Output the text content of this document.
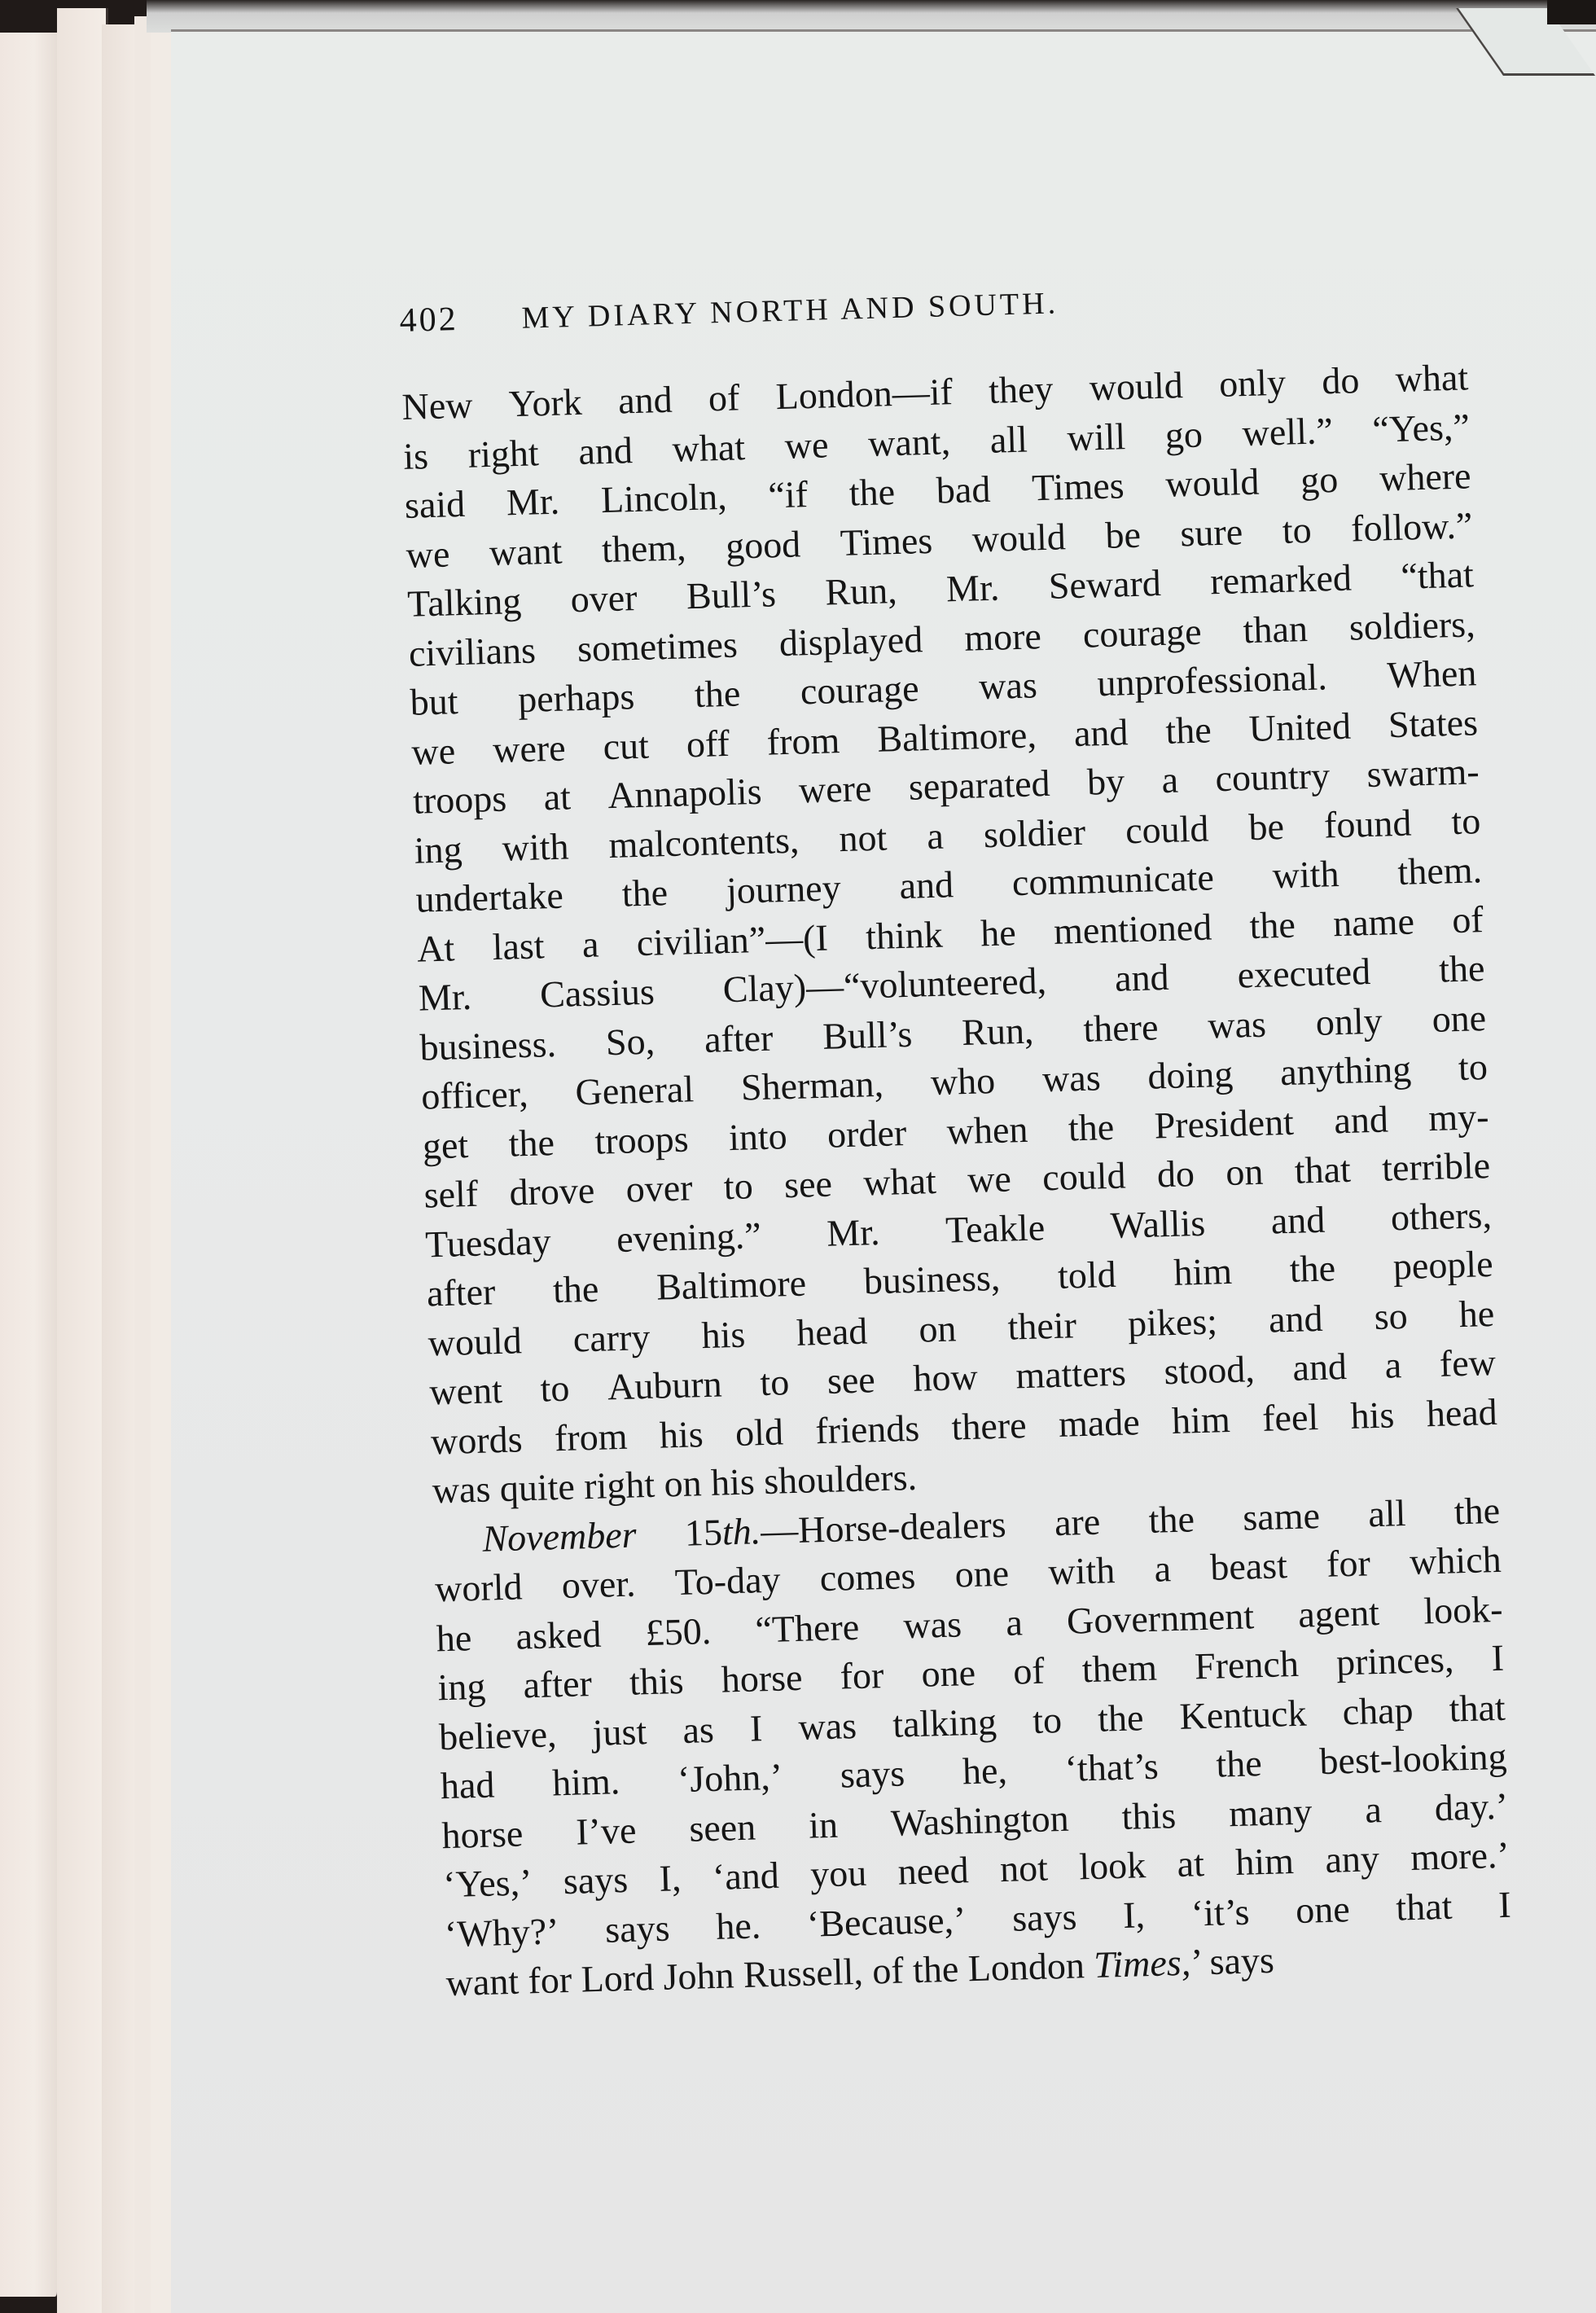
402	MY DIARY NORTH AND SOUTH.
New York and of London—if they would only do what
is right and what we want, all will go well.” “Yes,”
said Mr. Lincoln, “if the bad Times would go where
we want them, good Times would be sure to follow.”
Talking over Bull’s Run, Mr. Seward remarked “that
civilians sometimes displayed more courage than soldiers,
but perhaps the courage was unprofessional. When
we were cut off from Baltimore, and the United States
troops at Annapolis were separated by a country swarm-
ing with malcontents, not a soldier could be found to
undertake the journey and communicate with them.
At last a civilian”—(I think he mentioned the name of
Mr. Cassius Clay)—“volunteered, and executed the
business. So, after Bull’s Run, there was only one
officer, General Sherman, who was doing anything to
get the troops into order when the President and my-
self drove over to see what we could do on that terrible
Tuesday evening.” Mr. Teakle Wallis and others,
after the Baltimore business, told him the people
would carry his head on their pikes; and so he
went to Auburn to see how matters stood, and a few
words from his old friends there made him feel his head
was quite right on his shoulders.
November 15th.—Horse-dealers are the same all the
world over. To-day comes one with a beast for which
he asked £50. “There was a Government agent look-
ing after this horse for one of them French princes, I
believe, just as I was talking to the Kentuck chap that
had him. ‘John,’ says he, ‘that’s the best-looking
horse I’ve seen in Washington this many a day.’
‘Yes,’ says I, ‘and you need not look at him any more.’
‘Why?’ says he. ‘Because,’ says I, ‘it’s one that I
want for Lord John Russell, of the London
Times,
’ says
